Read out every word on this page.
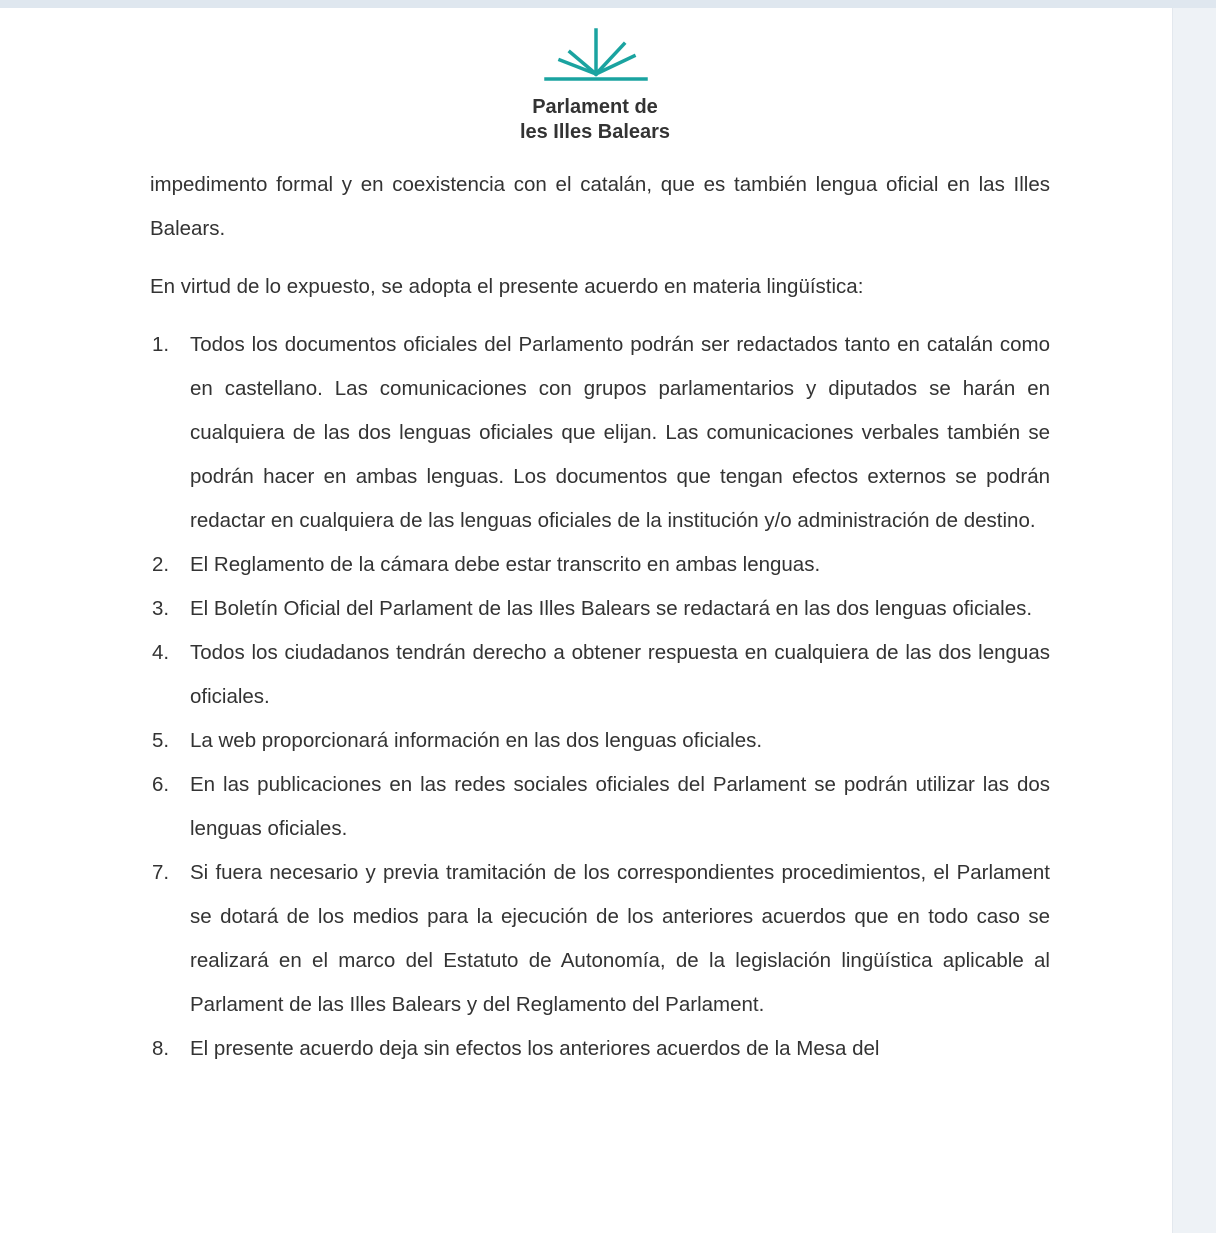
Parlament de
les Illes Balears

impedimento formal y en coexistencia con el catalán, que es también lengua oficial en las Illes Balears.

En virtud de lo expuesto, se adopta el presente acuerdo en materia lingüística:

1. Todos los documentos oficiales del Parlamento podrán ser redactados tanto en catalán como en castellano. Las comunicaciones con grupos parlamentarios y diputados se harán en cualquiera de las dos lenguas oficiales que elijan. Las comunicaciones verbales también se podrán hacer en ambas lenguas. Los documentos que tengan efectos externos se podrán redactar en cualquiera de las lenguas oficiales de la institución y/o administración de destino.
2. El Reglamento de la cámara debe estar transcrito en ambas lenguas.
3. El Boletín Oficial del Parlament de las Illes Balears se redactará en las dos lenguas oficiales.
4. Todos los ciudadanos tendrán derecho a obtener respuesta en cualquiera de las dos lenguas oficiales.
5. La web proporcionará información en las dos lenguas oficiales.
6. En las publicaciones en las redes sociales oficiales del Parlament se podrán utilizar las dos lenguas oficiales.
7. Si fuera necesario y previa tramitación de los correspondientes procedimientos, el Parlament se dotará de los medios para la ejecución de los anteriores acuerdos que en todo caso se realizará en el marco del Estatuto de Autonomía, de la legislación lingüística aplicable al Parlament de las Illes Balears y del Reglamento del Parlament.
8. El presente acuerdo deja sin efectos los anteriores acuerdos de la Mesa del
